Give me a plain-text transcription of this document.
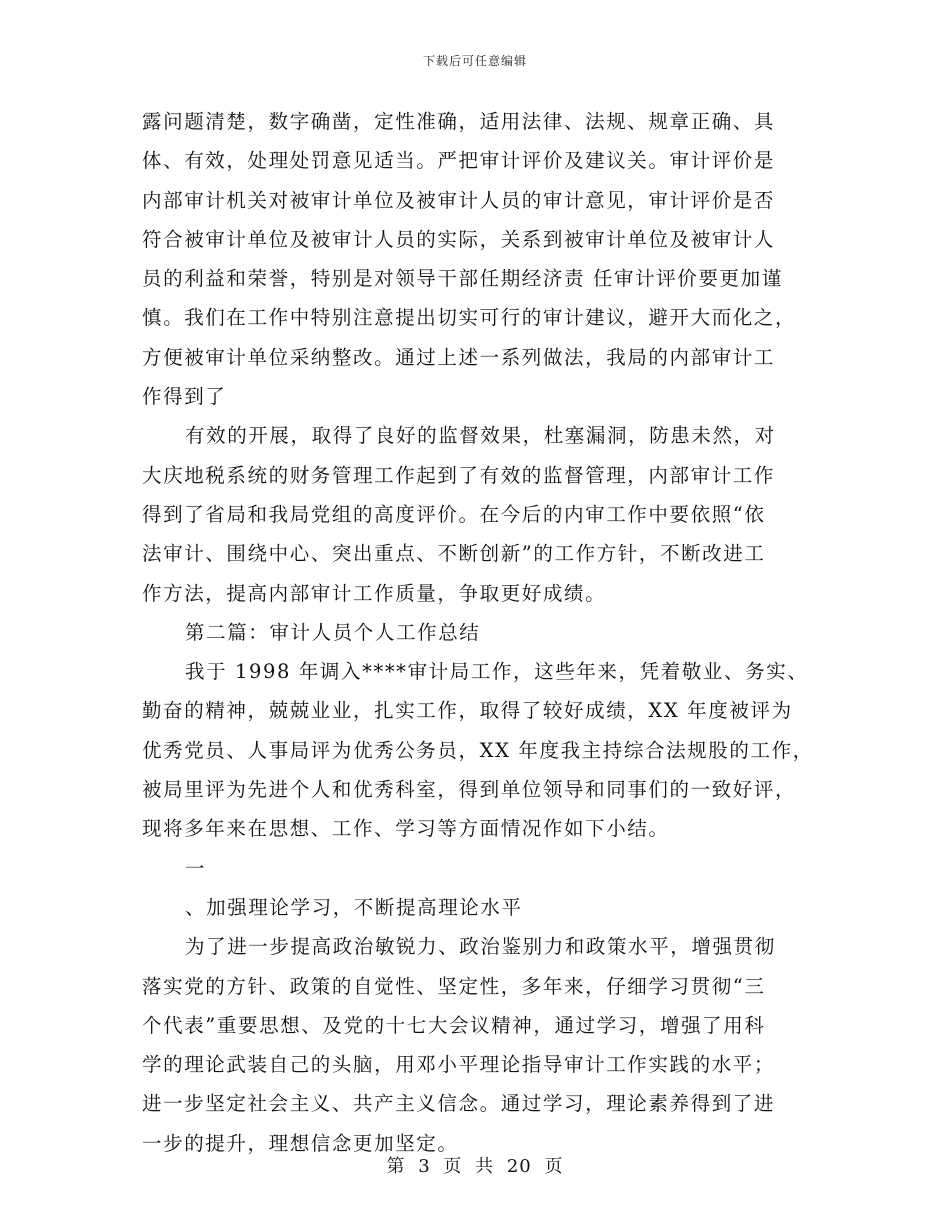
下载后可任意编辑
露问题清楚，数字确凿，定性准确，适用法律、法规、规章正确、具
体、有效，处理处罚意见适当。严把审计评价及建议关。审计评价是
内部审计机关对被审计单位及被审计人员的审计意见，审计评价是否
符合被审计单位及被审计人员的实际，关系到被审计单位及被审计人
员的利益和荣誉，特别是对领导干部任期经济责 任审计评价要更加谨
慎。我们在工作中特别注意提出切实可行的审计建议，避开大而化之，
方便被审计单位采纳整改。通过上述一系列做法，我局的内部审计工
作得到了
有效的开展，取得了良好的监督效果，杜塞漏洞，防患未然，对
大庆地税系统的财务管理工作起到了有效的监督管理，内部审计工作
得到了省局和我局党组的高度评价。在今后的内审工作中要依照“依
法审计、围绕中心、突出重点、不断创新”的工作方针，不断改进工
作方法，提高内部审计工作质量，争取更好成绩。
第二篇：审计人员个人工作总结
我于 1998 年调入****审计局工作，这些年来，凭着敬业、务实、
勤奋的精神，兢兢业业，扎实工作，取得了较好成绩，XX 年度被评为
优秀党员、人事局评为优秀公务员，XX 年度我主持综合法规股的工作，
被局里评为先进个人和优秀科室，得到单位领导和同事们的一致好评，
现将多年来在思想、工作、学习等方面情况作如下小结。
一
、加强理论学习，不断提高理论水平
为了进一步提高政治敏锐力、政治鉴别力和政策水平，增强贯彻
落实党的方针、政策的自觉性、坚定性，多年来，仔细学习贯彻“三
个代表”重要思想、及党的十七大会议精神，通过学习，增强了用科
学的理论武装自己的头脑，用邓小平理论指导审计工作实践的水平；
进一步坚定社会主义、共产主义信念。通过学习，理论素养得到了进
一步的提升，理想信念更加坚定。
第 3 页 共 20 页
